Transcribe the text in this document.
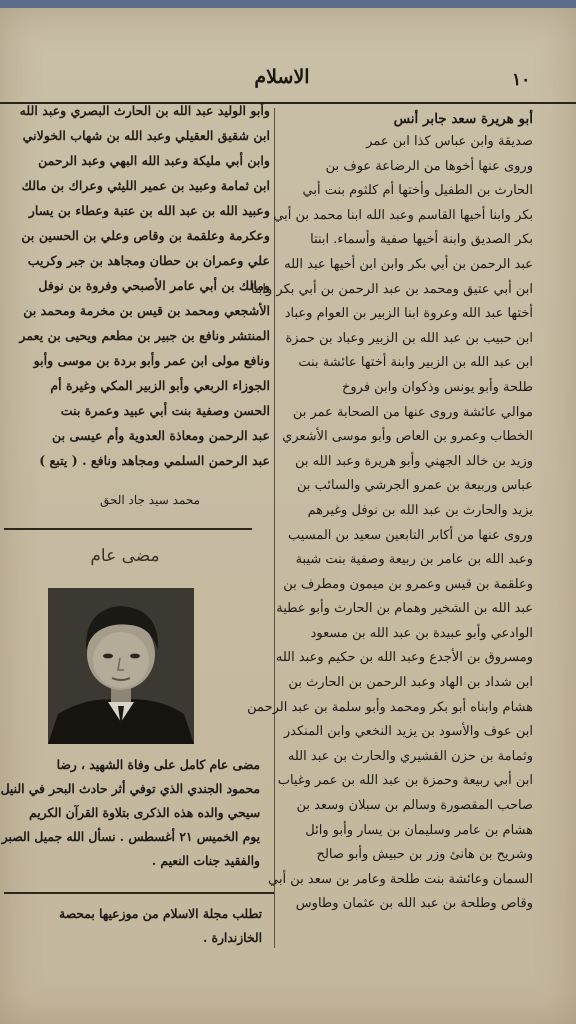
الاسلام	١٠
أبو هريرة سعد جابر أنس
صديقة وابن عباس كذا ابن عمر
وروى عنها أخوها من الرضاعة عوف بن
الحارث بن الطفيل وأختها أم كلثوم بنت أبي
بكر وابنا أخيها القاسم وعبد الله ابنا محمد بن أبي
بكر الصديق وابنة أخيها صفية وأسماء. ابنتا
عبد الرحمن بن أبي بكر وابن ابن أخيها عبد الله
ابن أبي عتيق ومحمد بن عبد الرحمن بن أبي بكر وابنا
أختها عبد الله وعروة ابنا الزبير بن العوام وعباد
ابن حبيب بن عبد الله بن الزبير وعباد بن حمزة
ابن عبد الله بن الزبير وابنة أختها عائشة بنت
طلحة وأبو يونس وذكوان وابن فروخ
موالي عائشة وروى عنها من الصحابة عمر بن
الخطاب وعمرو بن العاص وأبو موسى الأشعري
وزيد بن خالد الجهني وأبو هريرة وعبد الله بن
عباس وربيعة بن عمرو الجرشي والسائب بن
يزيد والحارث بن عبد الله بن نوفل وغيرهم
وروى عنها من أكابر التابعين سعيد بن المسيب
وعبد الله بن عامر بن ربيعة وصفية بنت شيبة
وعلقمة بن قيس وعمرو بن ميمون ومطرف بن
عبد الله بن الشخير وهمام بن الحارث وأبو عطية
الوادعي وأبو عبيدة بن عبد الله بن مسعود
ومسروق بن الأجدع وعبد الله بن حكيم وعبد الله
ابن شداد بن الهاد وعبد الرحمن بن الحارث بن
هشام وابناه أبو بكر ومحمد وأبو سلمة بن عبد الرحمن
ابن عوف والأسود بن يزيد النخعي وابن المنكدر
وثمامة بن حزن القشيري والحارث بن عبد الله
ابن أبي ربيعة وحمزة بن عبد الله بن عمر وغياب
صاحب المقصورة وسالم بن سبلان وسعد بن
هشام بن عامر وسليمان بن يسار وأبو وائل
وشريح بن هانئ وزر بن حبيش وأبو صالح
السمان وعائشة بنت طلحة وعامر بن سعد بن أبي
وقاص وطلحة بن عبد الله بن عثمان وطاوس
وأبو الوليد عبد الله بن الحارث البصري وعبد الله
ابن شقيق العقيلي وعبد الله بن شهاب الخولاني
وابن أبي مليكة وعبد الله البهي وعبد الرحمن
ابن ثمامة وعبيد بن عمير الليثي وعراك بن مالك
وعبيد الله بن عبد الله بن عتبة وعطاء بن يسار
وعكرمة وعلقمة بن وقاص وعلي بن الحسين بن
علي وعمران بن حطان ومجاهد بن جبر وكريب
ومالك بن أبي عامر الأصبحي وفروة بن نوفل
الأشجعي ومحمد بن قيس بن مخرمة ومحمد بن
المنتشر ونافع بن جبير بن مطعم ويحيى بن يعمر
ونافع مولى ابن عمر وأبو بردة بن موسى وأبو
الجوزاء الربعي وأبو الزبير المكي وغيرة أم
الحسن وصفية بنت أبي عبيد وعمرة بنت
عبد الرحمن ومعاذة العدوية وأم عيسى بن
عبد الرحمن السلمي ومجاهد ونافع . ( يتبع )
محمد سيد جاد الحق
مضى عام
مضى عام كامل على وفاة الشهيد ، رضا
محمود الجندي الذي توفي أثر حادث البحر في النيل
سيحي والده هذه الذكرى بتلاوة القرآن الكريم
يوم الخميس ٢١ أغسطس . نسأل الله جميل الصبر
والفقيد جنات النعيم .
تطلب مجلة الاسلام من موزعيها بمحصة
الخازندارة .
